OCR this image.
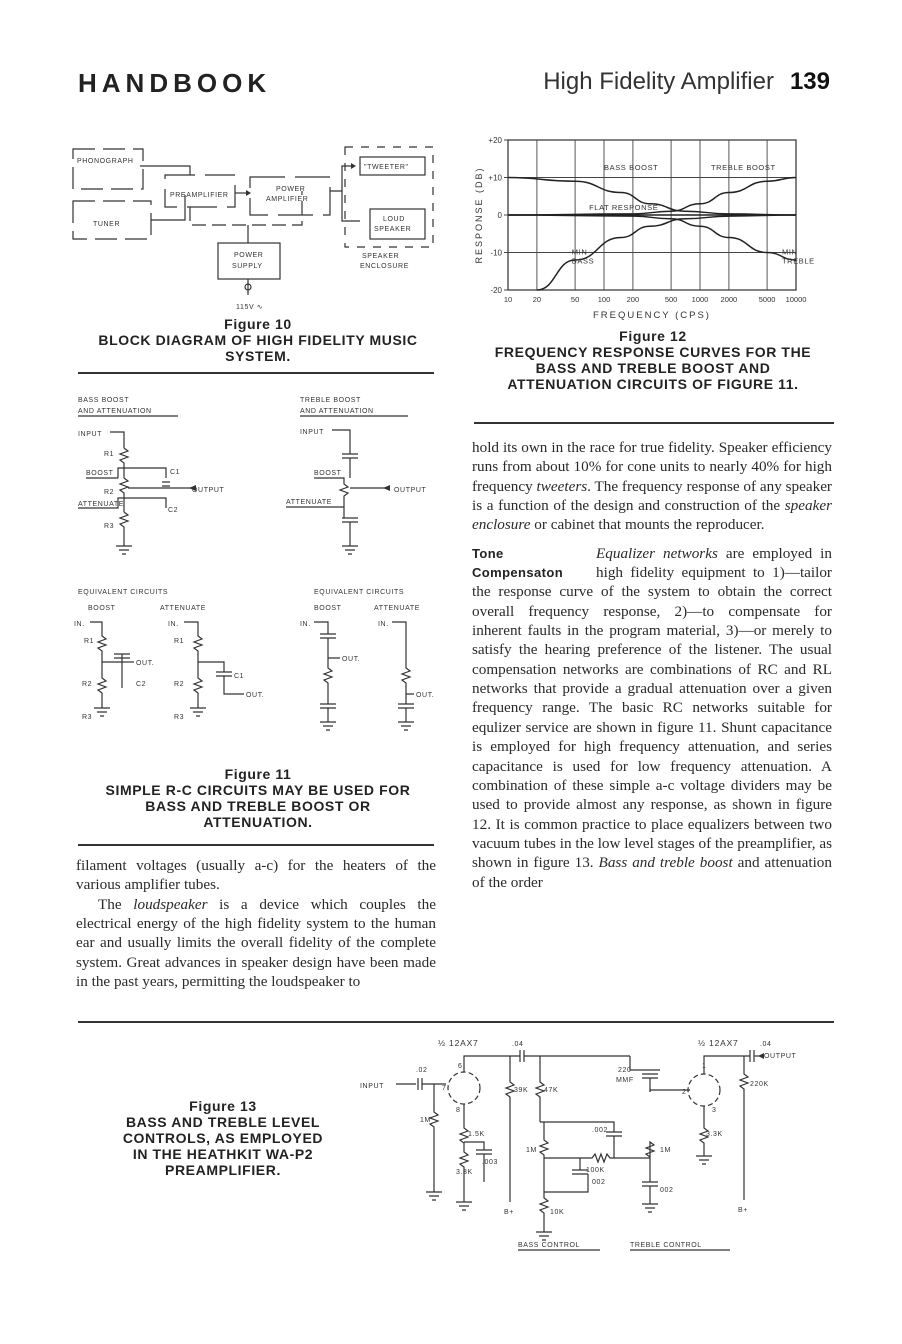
HANDBOOK	High Fidelity Amplifier 139
PHONOGRAPH
TUNER
PREAMPLIFIER
POWER
AMPLIFIER
"TWEETER"
LOUD
SPEAKER
SPEAKER
ENCLOSURE
POWER
SUPPLY
115V ∿
Figure 10
BLOCK DIAGRAM OF HIGH FIDELITY MUSIC SYSTEM.
BASS BOOST
AND ATTENUATION
INPUT
R1
BOOST	C1
R2	OUTPUT
ATTENUATE
C2
R3
TREBLE BOOST
AND ATTENUATION
INPUT
BOOST
OUTPUT
ATTENUATE
EQUIVALENT CIRCUITS
BOOST	ATTENUATE
IN.
OUT.
R1
R2	C2
R3
IN.
OUT.
R1
R2
C1
R3
EQUIVALENT CIRCUITS
BOOST	ATTENUATE
IN.
OUT.
IN.
OUT.
Figure 11
SIMPLE R-C CIRCUITS MAY BE USED FOR BASS AND TREBLE BOOST OR ATTENUATION.

filament voltages (usually a-c) for the heaters of the various amplifier tubes.

The loudspeaker is a device which couples the electrical energy of the high fidelity system to the human ear and usually limits the overall fidelity of the complete system. Great advances in speaker design have been made in the past years, permitting the loudspeaker to

10	20	50 100 200	500 1000 2000	5000 10000
+20
+10
0
-10
-20
FREQUENCY (CPS)
RESPONSE (DB)	BASS BOOST	TREBLE BOOST
FLAT RESPONSE
MIN
BASS
MIN
TREBLE
Figure 12
FREQUENCY RESPONSE CURVES FOR THE BASS AND TREBLE BOOST AND ATTENUATION CIRCUITS OF FIGURE 11.

hold its own in the race for true fidelity. Speaker efficiency runs from about 10% for cone units to nearly 40% for high frequency tweeters. The frequency response of any speaker is a function of the design and construction of the speaker enclosure or cabinet that mounts the reproducer.

Tone
Compensaton

Equalizer networks are employed in high fidelity equipment to 1)—tailor the response curve of the system to obtain the correct overall frequency response, 2)—to compensate for inherent faults in the program material, 3)—or merely to satisfy the hearing preference of the listener. The usual compensation networks are combinations of RC and RL networks that provide a gradual attenuation over a given frequency range. The basic RC networks suitable for equlizer service are shown in figure 11. Shunt capacitance is employed for high frequency attenuation, and series capacitance is used for low frequency attenuation. A combination of these simple a-c voltage dividers may be used to provide almost any response, as shown in figure 12. It is common practice to place equalizers between two vacuum tubes in the low level stages of the preamplifier, as shown in figure 13. Bass and treble boost and attenuation of the order

Figure 13
BASS AND TREBLE LEVEL CONTROLS, AS EMPLOYED IN THE HEATHKIT WA-P2 PREAMPLIFIER.
½ 12AX7	½ 12AX7
.04	.04
OUTPUT
.02
INPUT
1M
7
6
8
1.5K
3.3K
.003
39K
B+
47K
.002
1M
10K
100K
002
1M
002
220
MMF
1
2
3
3.3K
220K
B+
BASS CONTROL	TREBLE CONTROL
